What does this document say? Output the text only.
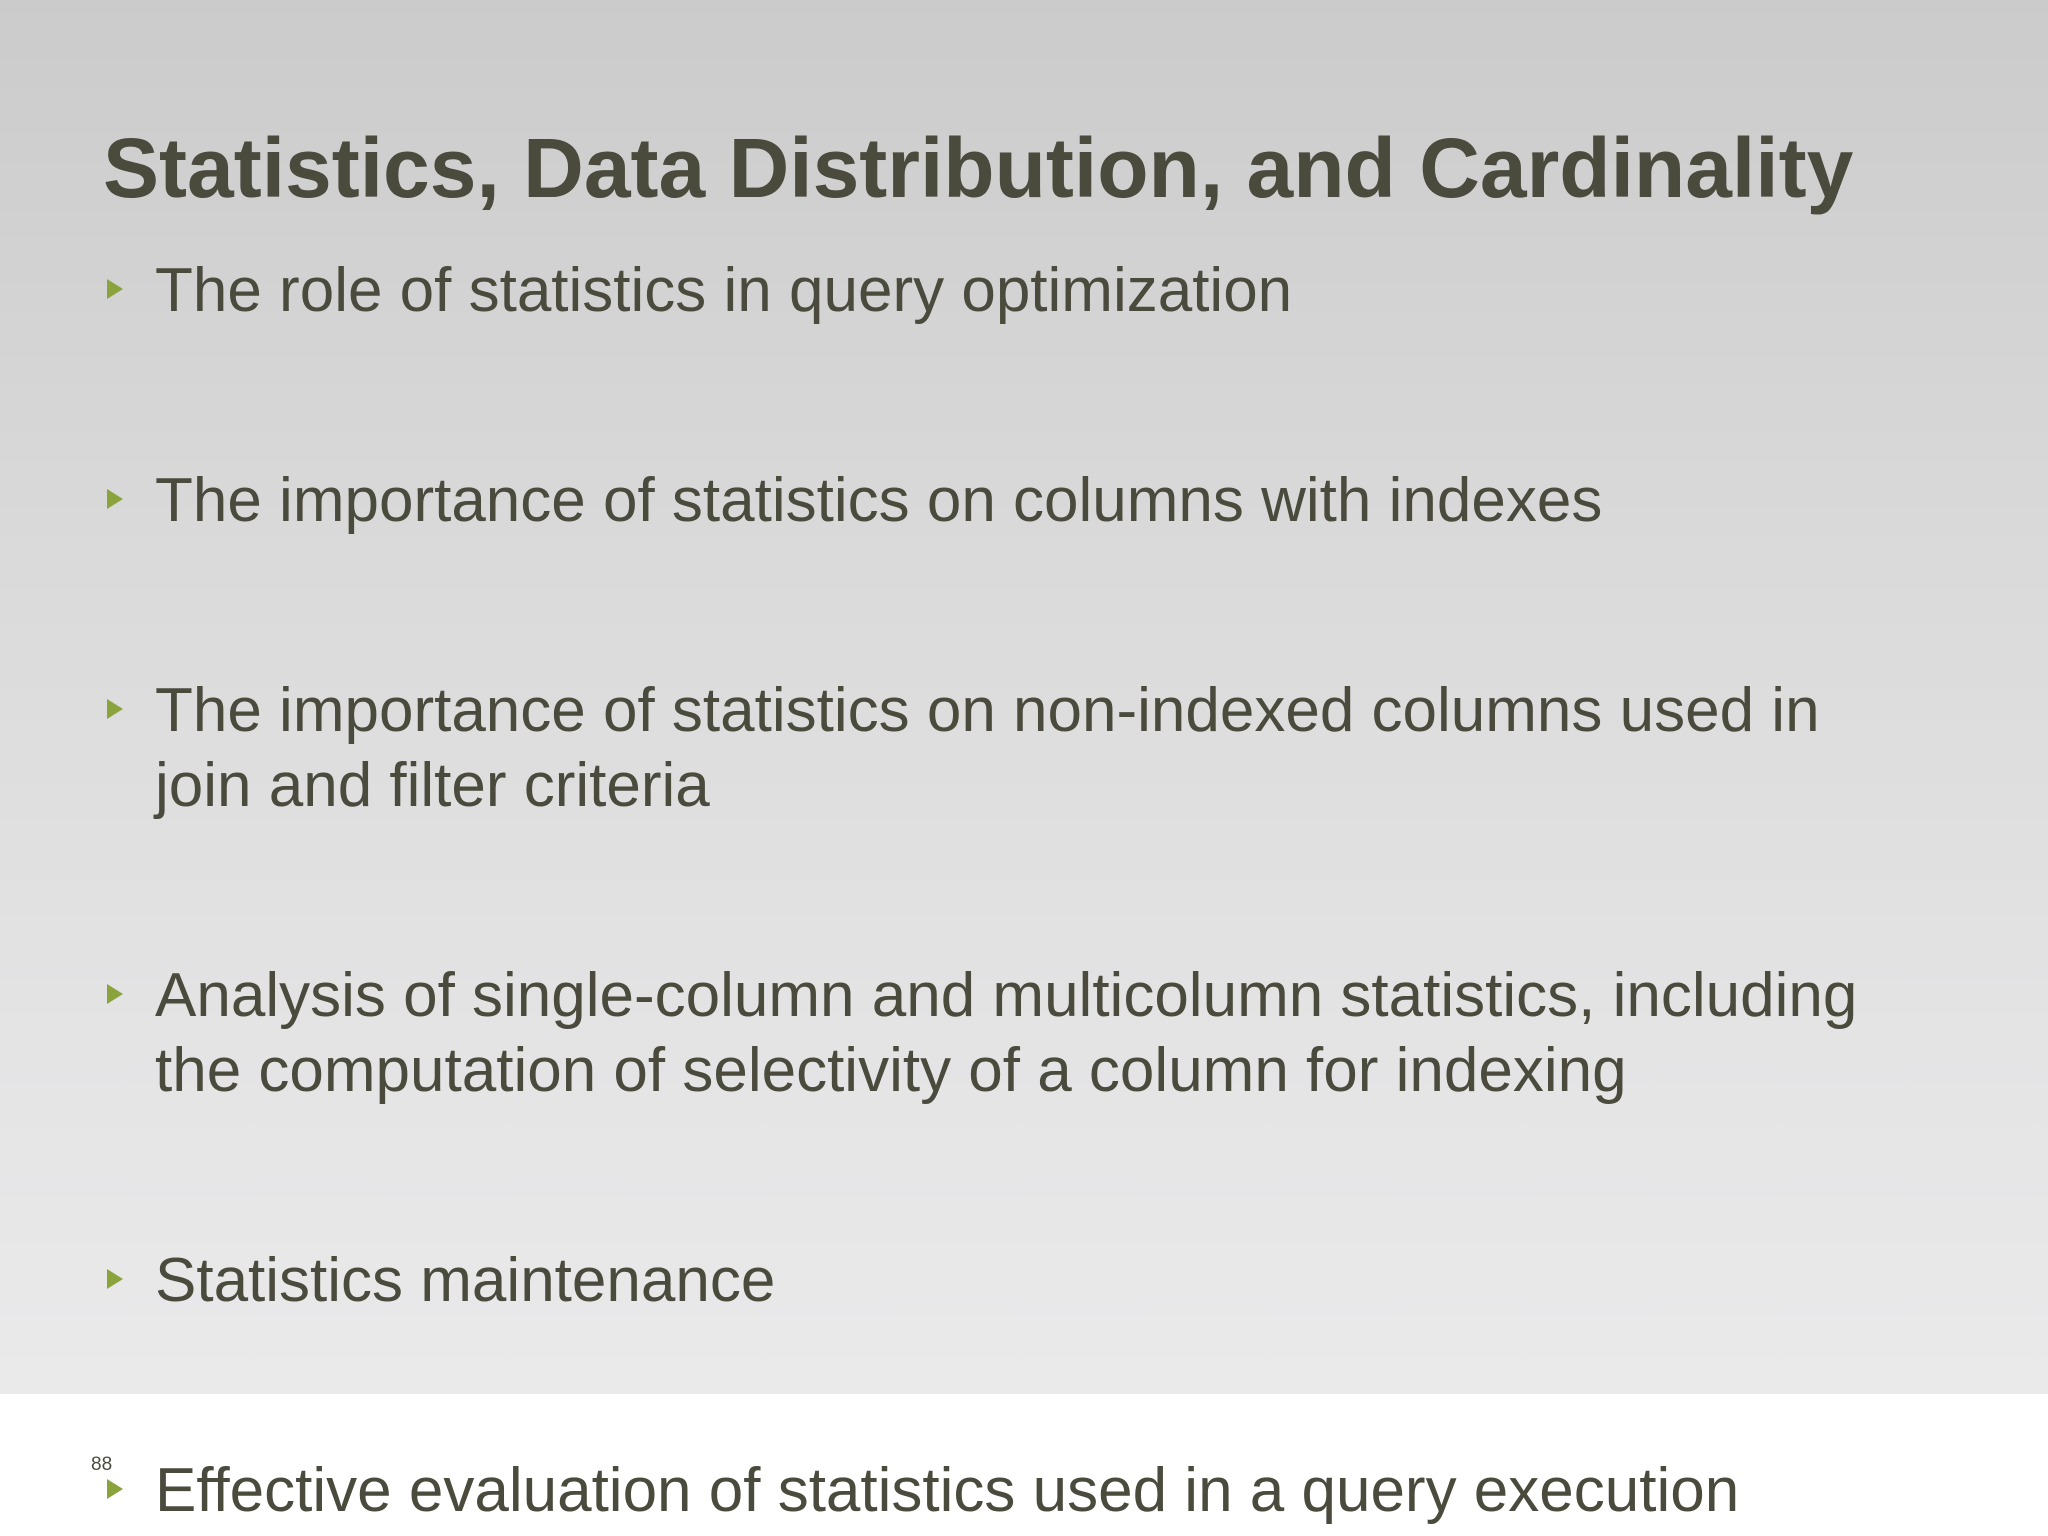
Statistics, Data Distribution, and Cardinality
The role of statistics in query optimization
The importance of statistics on columns with indexes
The importance of statistics on non-indexed columns used in join and filter criteria
Analysis of single-column and multicolumn statistics, including the computation of selectivity of a column for indexing
Statistics maintenance
Effective evaluation of statistics used in a query execution
88
